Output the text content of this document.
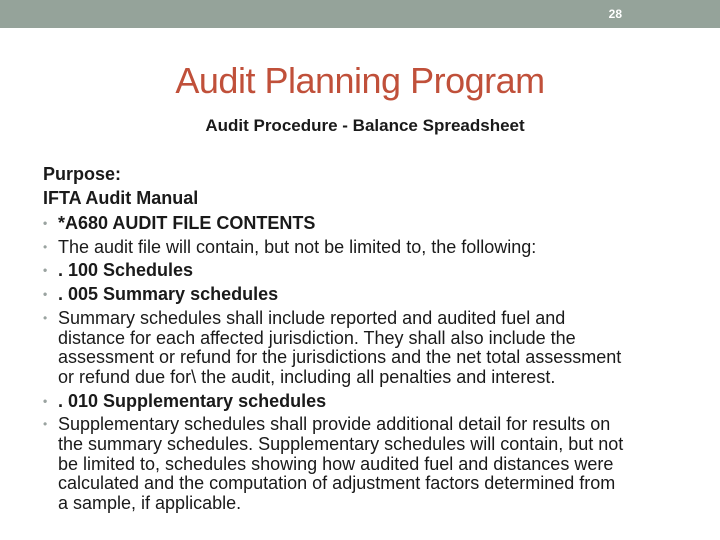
28
Audit Planning Program
Audit Procedure - Balance Spreadsheet
Purpose:
IFTA Audit Manual
• *A680 AUDIT FILE CONTENTS
• The audit file will contain, but not be limited to, the following:
• . 100 Schedules
• . 005 Summary schedules
• Summary schedules shall include reported and audited fuel and
distance for each affected jurisdiction. They shall also include the
assessment or refund for the jurisdictions and the net total assessment
or refund due for\ the audit, including all penalties and interest.
• . 010 Supplementary schedules
• Supplementary schedules shall provide additional detail for results on
the summary schedules. Supplementary schedules will contain, but not
be limited to, schedules showing how audited fuel and distances were
calculated and the computation of adjustment factors determined from
a sample, if applicable.
